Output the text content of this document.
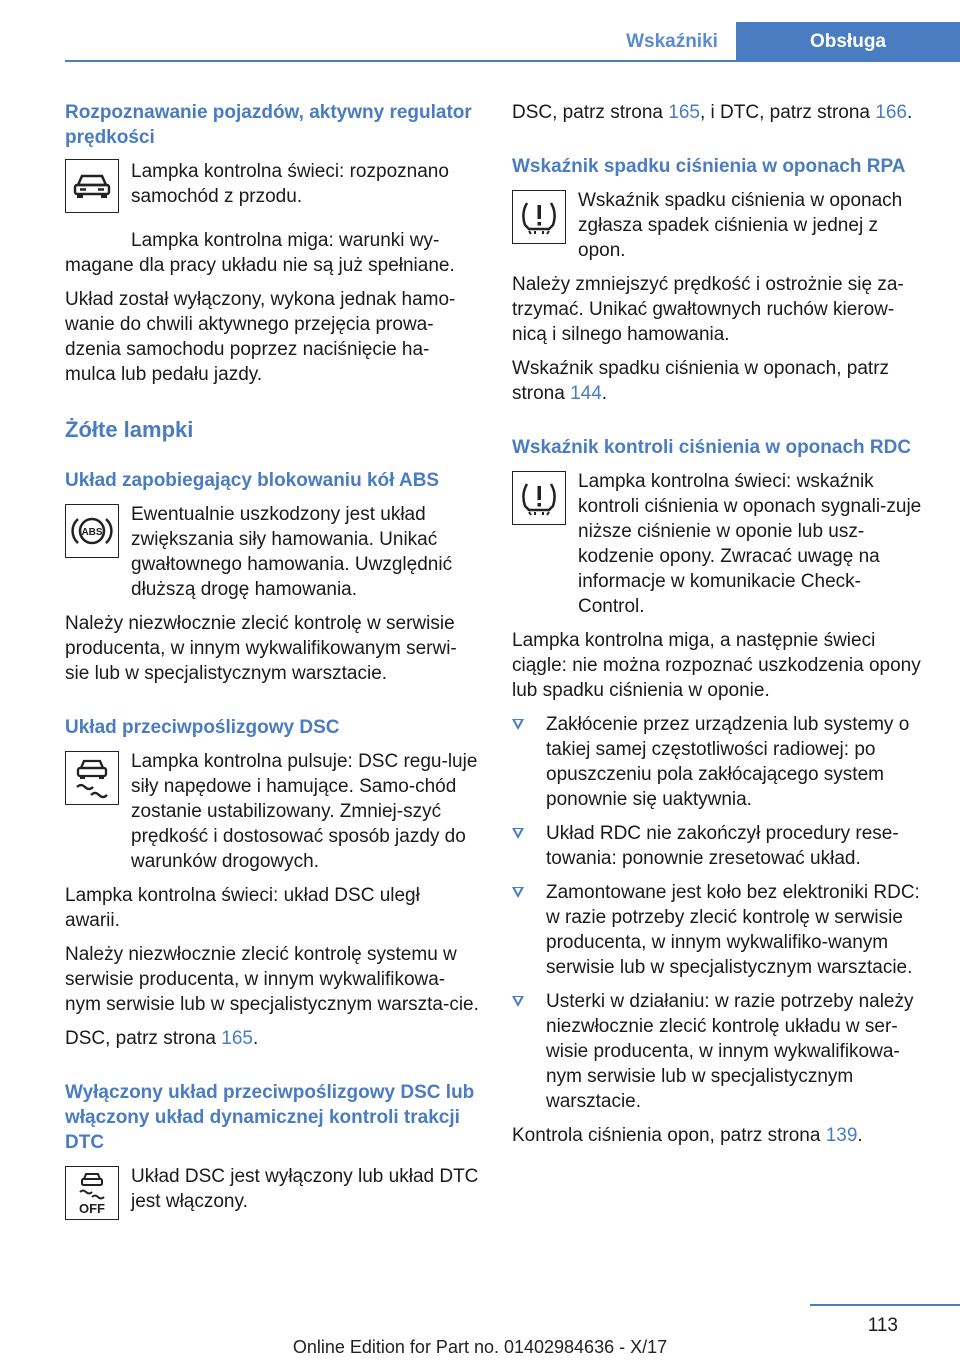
Wskaźniki	Obsługa
Rozpoznawanie pojazdów, aktywny regulator prędkości
Lampka kontrolna świeci: rozpoznano samochód z przodu.

Lampka kontrolna miga: warunki wy-magane dla pracy układu nie są już spełniane.

Układ został wyłączony, wykona jednak hamo-wanie do chwili aktywnego przejęcia prowa-dzenia samochodu poprzez naciśnięcie ha-mulca lub pedału jazdy.

Żółte lampki
Układ zapobiegający blokowaniu kół ABS
ABS
Ewentualnie uszkodzony jest układ zwiększania siły hamowania. Unikać gwałtownego hamowania. Uwzględnić dłuższą drogę hamowania.

Należy niezwłocznie zlecić kontrolę w serwisie producenta, w innym wykwalifikowanym serwi-sie lub w specjalistycznym warsztacie.

Układ przeciwpoślizgowy DSC
Lampka kontrolna pulsuje: DSC regu-luje siły napędowe i hamujące. Samo-chód zostanie ustabilizowany. Zmniej-szyć prędkość i dostosować sposób jazdy do warunków drogowych.

Lampka kontrolna świeci: układ DSC uległ awarii.

Należy niezwłocznie zlecić kontrolę systemu w serwisie producenta, w innym wykwalifikowa-nym serwisie lub w specjalistycznym warszta-cie.

DSC, patrz strona 165.

Wyłączony układ przeciwpoślizgowy DSC lub włączony układ dynamicznej kontroli trakcji DTC
OFF
Układ DSC jest wyłączony lub układ DTC jest włączony.

DSC, patrz strona 165, i DTC, patrz strona 166.

Wskaźnik spadku ciśnienia w oponach RPA
Wskaźnik spadku ciśnienia w oponach zgłasza spadek ciśnienia w jednej z opon.

Należy zmniejszyć prędkość i ostrożnie się za-trzymać. Unikać gwałtownych ruchów kierow-nicą i silnego hamowania.

Wskaźnik spadku ciśnienia w oponach, patrz strona 144.

Wskaźnik kontroli ciśnienia w oponach RDC
Lampka kontrolna świeci: wskaźnik kontroli ciśnienia w oponach sygnali-zuje niższe ciśnienie w oponie lub usz-kodzenie opony. Zwracać uwagę na informacje w komunikacie Check-Control.

Lampka kontrolna miga, a następnie świeci ciągle: nie można rozpoznać uszkodzenia opony lub spadku ciśnienia w oponie.

Zakłócenie przez urządzenia lub systemy o takiej samej częstotliwości radiowej: po opuszczeniu pola zakłócającego system ponownie się uaktywnia.
Układ RDC nie zakończył procedury rese-towania: ponownie zresetować układ.
Zamontowane jest koło bez elektroniki RDC: w razie potrzeby zlecić kontrolę w serwisie producenta, w innym wykwalifiko-wanym serwisie lub w specjalistycznym warsztacie.
Usterki w działaniu: w razie potrzeby należy niezwłocznie zlecić kontrolę układu w ser-wisie producenta, w innym wykwalifikowa-nym serwisie lub w specjalistycznym warsztacie.

Kontrola ciśnienia opon, patrz strona 139.

113
Online Edition for Part no. 01402984636 - X/17
